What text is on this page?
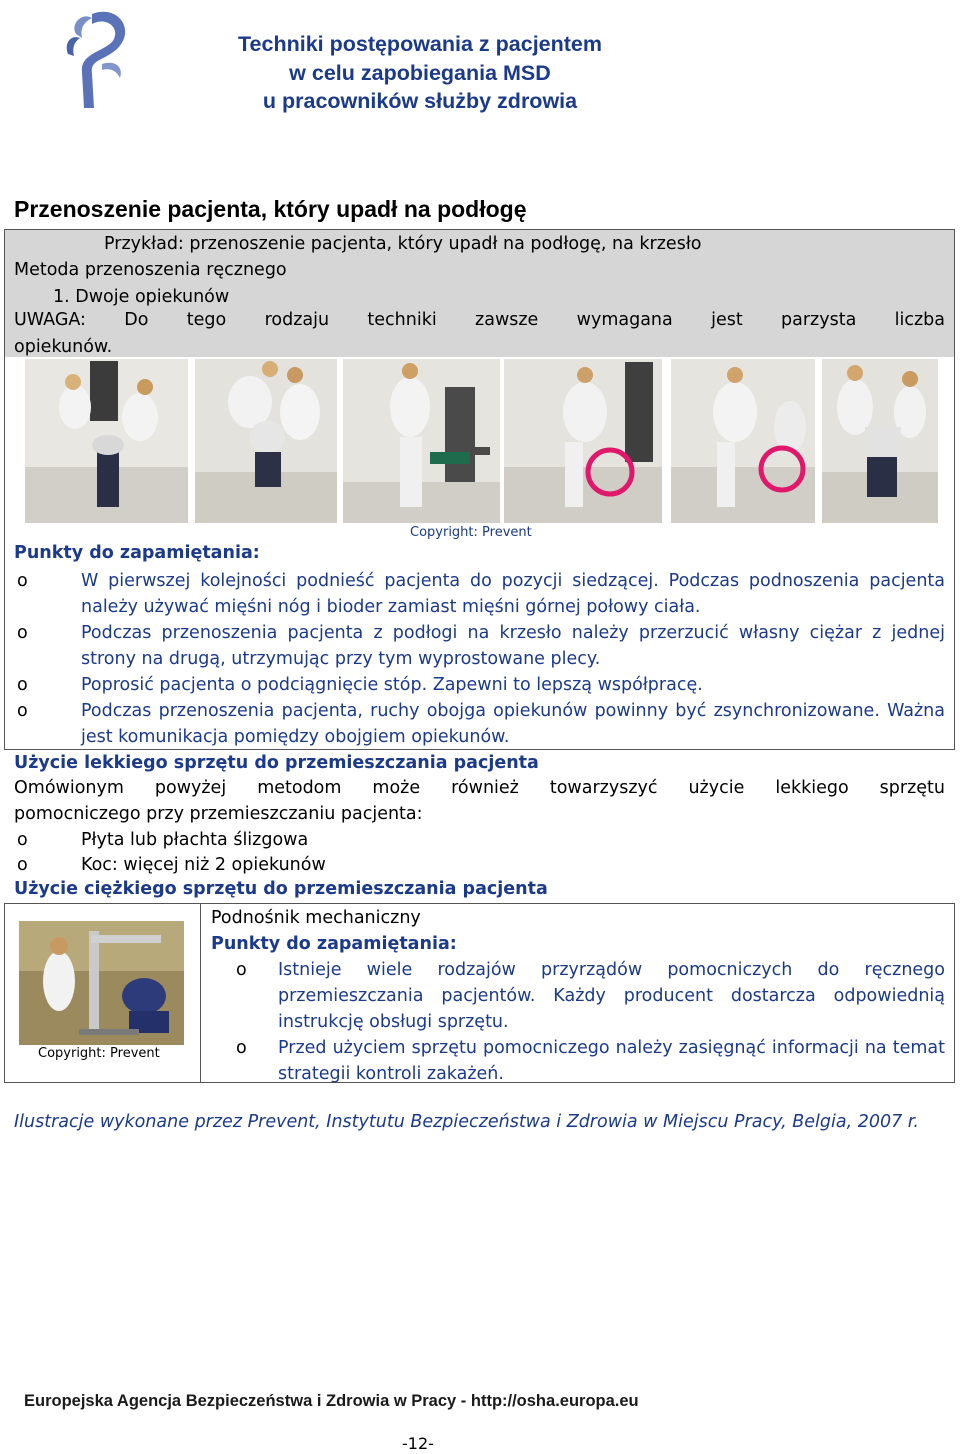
Techniki postępowania z pacjentem
w celu zapobiegania MSD
u pracowników służby zdrowia
Przenoszenie pacjenta, który upadł na podłogę
Przykład: przenoszenie pacjenta, który upadł na podłogę, na krzesło
Metoda przenoszenia ręcznego
1. Dwoje opiekunów
UWAGA: Do tego rodzaju techniki zawsze wymagana jest parzysta liczba
opiekunów.
Copyright: Prevent
Punkty do zapamiętania:
o	W pierwszej kolejności podnieść pacjenta do pozycji siedzącej. Podczas podnoszenia pacjenta należy używać mięśni nóg i bioder zamiast mięśni górnej połowy ciała.
o	Podczas przenoszenia pacjenta z podłogi na krzesło należy przerzucić własny ciężar z jednej strony na drugą, utrzymując przy tym wyprostowane plecy.
o	Poprosić pacjenta o podciągnięcie stóp. Zapewni to lepszą współpracę.
o	Podczas przenoszenia pacjenta, ruchy obojga opiekunów powinny być zsynchronizowane. Ważna jest komunikacja pomiędzy obojgiem opiekunów.
Użycie lekkiego sprzętu do przemieszczania pacjenta
Omówionym powyżej metodom może również towarzyszyć użycie lekkiego sprzętu
pomocniczego przy przemieszczaniu pacjenta:
o	Płyta lub płachta ślizgowa
o	Koc: więcej niż 2 opiekunów
Użycie ciężkiego sprzętu do przemieszczania pacjenta
Copyright: Prevent
Podnośnik mechaniczny
Punkty do zapamiętania:
o Istnieje wiele rodzajów przyrządów pomocniczych do ręcznego przemieszczania pacjentów. Każdy producent dostarcza odpowiednią instrukcję obsługi sprzętu.
o Przed użyciem sprzętu pomocniczego należy zasięgnąć informacji na temat strategii kontroli zakażeń.
Ilustracje wykonane przez Prevent, Instytutu Bezpieczeństwa i Zdrowia w Miejscu Pracy, Belgia, 2007 r.
Europejska Agencja Bezpieczeństwa i Zdrowia w Pracy - http://osha.europa.eu
-12-
